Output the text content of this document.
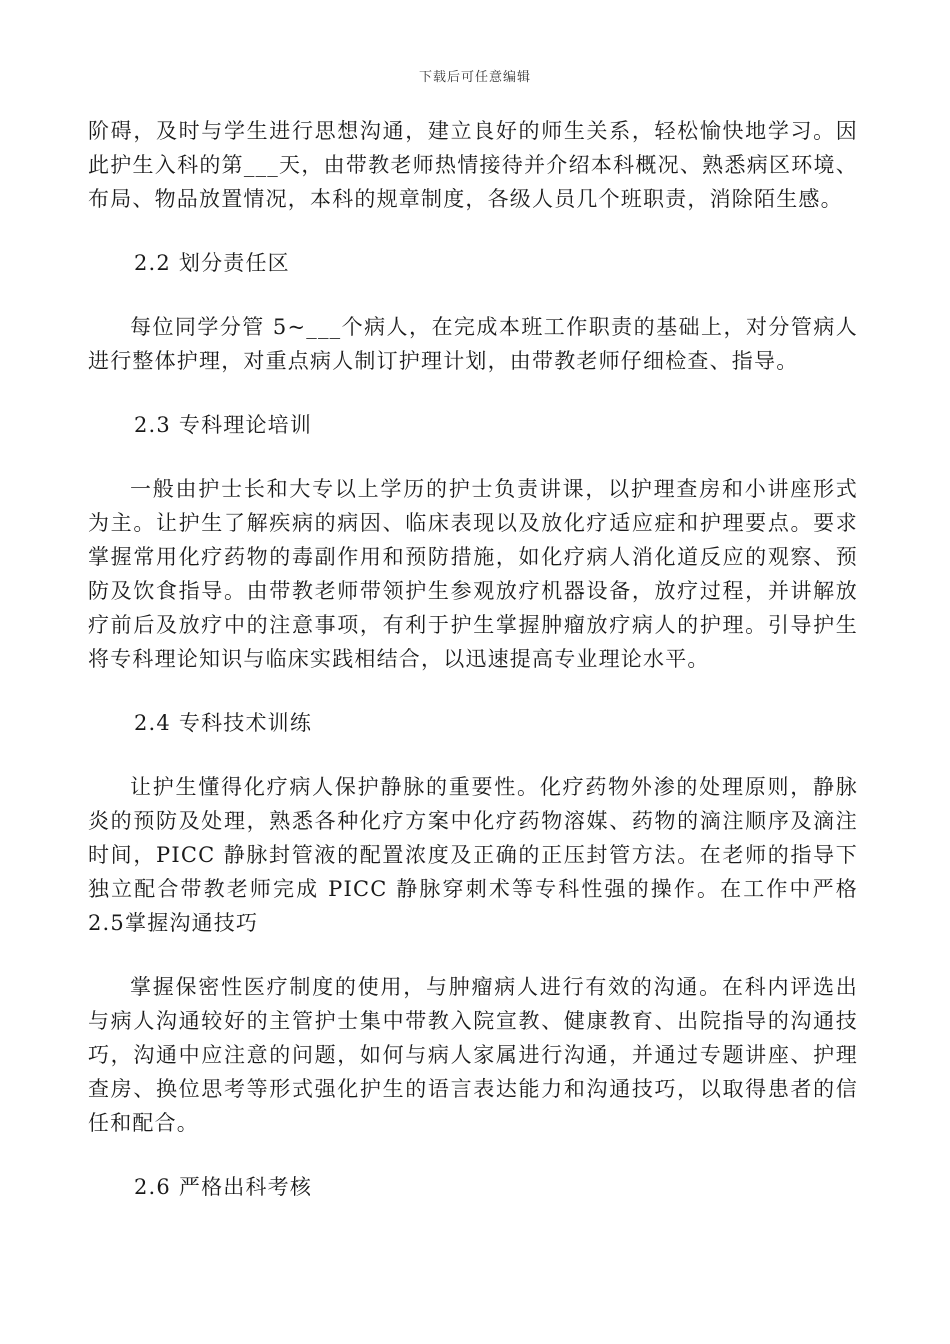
下载后可任意编辑

阶碍，及时与学生进行思想沟通，建立良好的师生关系，轻松愉快地学习。因此护生入科的第___天，由带教老师热情接待并介绍本科概况、熟悉病区环境、布局、物品放置情况，本科的规章制度，各级人员几个班职责，消除陌生感。

2.2 划分责任区

每位同学分管 5~___个病人，在完成本班工作职责的基础上，对分管病人进行整体护理，对重点病人制订护理计划，由带教老师仔细检查、指导。

2.3 专科理论培训

一般由护士长和大专以上学历的护士负责讲课，以护理查房和小讲座形式为主。让护生了解疾病的病因、临床表现以及放化疗适应症和护理要点。要求掌握常用化疗药物的毒副作用和预防措施，如化疗病人消化道反应的观察、预防及饮食指导。由带教老师带领护生参观放疗机器设备，放疗过程，并讲解放疗前后及放疗中的注意事项，有利于护生掌握肿瘤放疗病人的护理。引导护生将专科理论知识与临床实践相结合，以迅速提高专业理论水平。

2.4 专科技术训练

让护生懂得化疗病人保护静脉的重要性。化疗药物外渗的处理原则，静脉炎的预防及处理，熟悉各种化疗方案中化疗药物溶媒、药物的滴注顺序及滴注时间，PICC 静脉封管液的配置浓度及正确的正压封管方法。在老师的指导下独立配合带教老师完成 PICC 静脉穿刺术等专科性强的操作。在工作中严格　2.5掌握沟通技巧

掌握保密性医疗制度的使用，与肿瘤病人进行有效的沟通。在科内评选出与病人沟通较好的主管护士集中带教入院宣教、健康教育、出院指导的沟通技巧，沟通中应注意的问题，如何与病人家属进行沟通，并通过专题讲座、护理查房、换位思考等形式强化护生的语言表达能力和沟通技巧，以取得患者的信任和配合。

2.6 严格出科考核
